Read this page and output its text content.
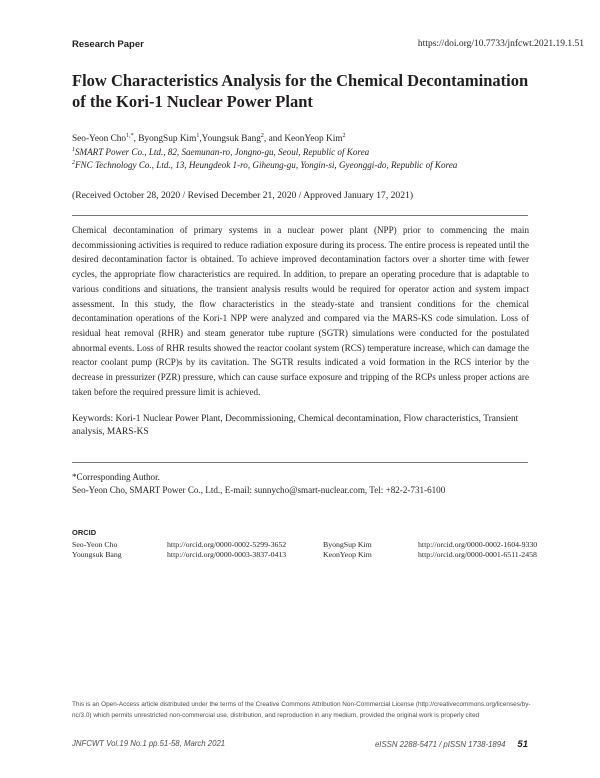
Research Paper	https://doi.org/10.7733/jnfcwt.2021.19.1.51
Flow Characteristics Analysis for the Chemical Decontamination
of the Kori-1 Nuclear Power Plant
Seo-Yeon Cho$^{1,*}$, ByongSup Kim$^1$,Youngsuk Bang$^2$, and KeonYeop Kim$^2$
$^1$SMART Power Co., Ltd., 82, Saemunan-ro, Jongno-gu, Seoul, Republic of Korea
$^2$FNC Technology Co., Ltd., 13, Heungdeok 1-ro, Giheung-gu, Yongin-si, Gyeonggi-do, Republic of Korea
(Received October 28, 2020 / Revised December 21, 2020 / Approved January 17, 2021)
Chemical decontamination of primary systems in a nuclear power plant (NPP) prior to commencing the main decommissioning activities is required to reduce radiation exposure during its process. The entire process is repeated until the desired decontamination factor is obtained. To achieve improved decontamination factors over a shorter time with fewer cycles, the appropriate flow characteristics are required. In addition, to prepare an operating procedure that is adaptable to various conditions and situations, the transient analysis results would be required for operator action and system impact assessment. In this study, the flow characteristics in the steady-state and transient conditions for the chemical decontamination operations of the Kori-1 NPP were analyzed and compared via the MARS-KS code simulation. Loss of residual heat removal (RHR) and steam generator tube rupture (SGTR) simulations were conducted for the postulated abnormal events. Loss of RHR results showed the reactor coolant system (RCS) temperature increase, which can damage the reactor coolant pump (RCP)s by its cavitation. The SGTR results indicated a void formation in the RCS interior by the decrease in pressurizer (PZR) pressure, which can cause surface exposure and tripping of the RCPs unless proper actions are taken before the required pressure limit is achieved.
Keywords: Kori-1 Nuclear Power Plant, Decommissioning, Chemical decontamination, Flow characteristics, Transient analysis, MARS-KS
*Corresponding Author.
Seo-Yeon Cho, SMART Power Co., Ltd., E-mail: sunnycho@smart-nuclear.com, Tel: +82-2-731-6100
ORCID
Seo-Yeon Cho	http://orcid.org/0000-0002-5299-3652	ByongSup Kim	http://orcid.org/0000-0002-1604-9330
Youngsuk Bang	http://orcid.org/0000-0003-3837-0413	KeonYeop Kim	http://orcid.org/0000-0001-6511-2458
This is an Open-Access article distributed under the terms of the Creative Commons Attribution Non-Commercial License (http://creativecommons.org/licenses/by-nc/3.0) which permits unrestricted non-commercial use, distribution, and reproduction in any medium, provided the original work is properly cited
JNFCWT Vol.19 No.1 pp.51-58, March 2021	eISSN 2288-5471 / pISSN 1738-1894 51
